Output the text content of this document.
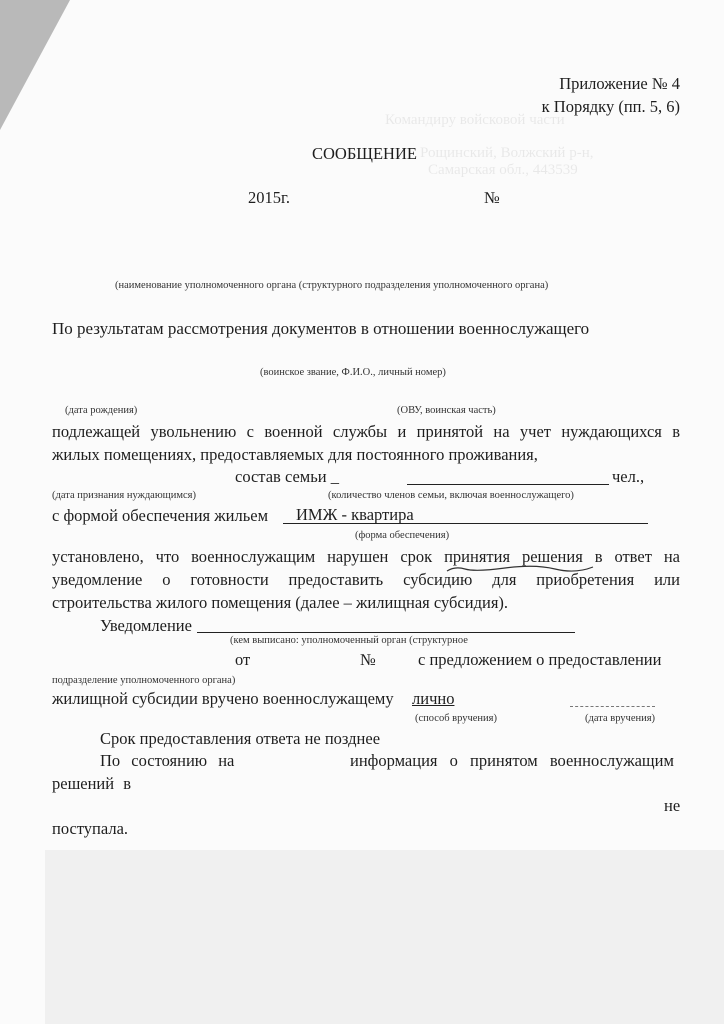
Командиру войсковой части
Рощинский, Волжский р-н,
Самарская обл., 443539
Приложение № 4
к Порядку (пп. 5, 6)
СООБЩЕНИЕ
2015г.	№
(наименование уполномоченного органа (структурного подразделения уполномоченного органа)
По результатам рассмотрения документов в отношении военнослужащего
(воинское звание, Ф.И.О., личный номер)
(дата рождения)	(ОВУ, воинская часть)
подлежащей увольнению с военной службы и принятой на учет нуждающихся в
жилых помещениях, предоставляемых для постоянного проживания,
состав семьи _	чел.,
(дата признания нуждающимся)	(количество членов семьи, включая военнослужащего)
с формой обеспечения жильем ИМЖ - квартира
(форма обеспечения)
установлено, что военнослужащим нарушен срок принятия решения в ответ на
уведомление о готовности предоставить субсидию для приобретения или
строительства жилого помещения (далее – жилищная субсидия).
Уведомление
(кем выписано: уполномоченный орган (структурное
от	№	с предложением о предоставлении
подразделение уполномоченного органа)
жилищной субсидии вручено военнослужащему лично
(способ вручения)	(дата вручения)
Срок предоставления ответа не позднее
По состоянию на	информация о принятом военнослужащим
решений в
не
поступала.
